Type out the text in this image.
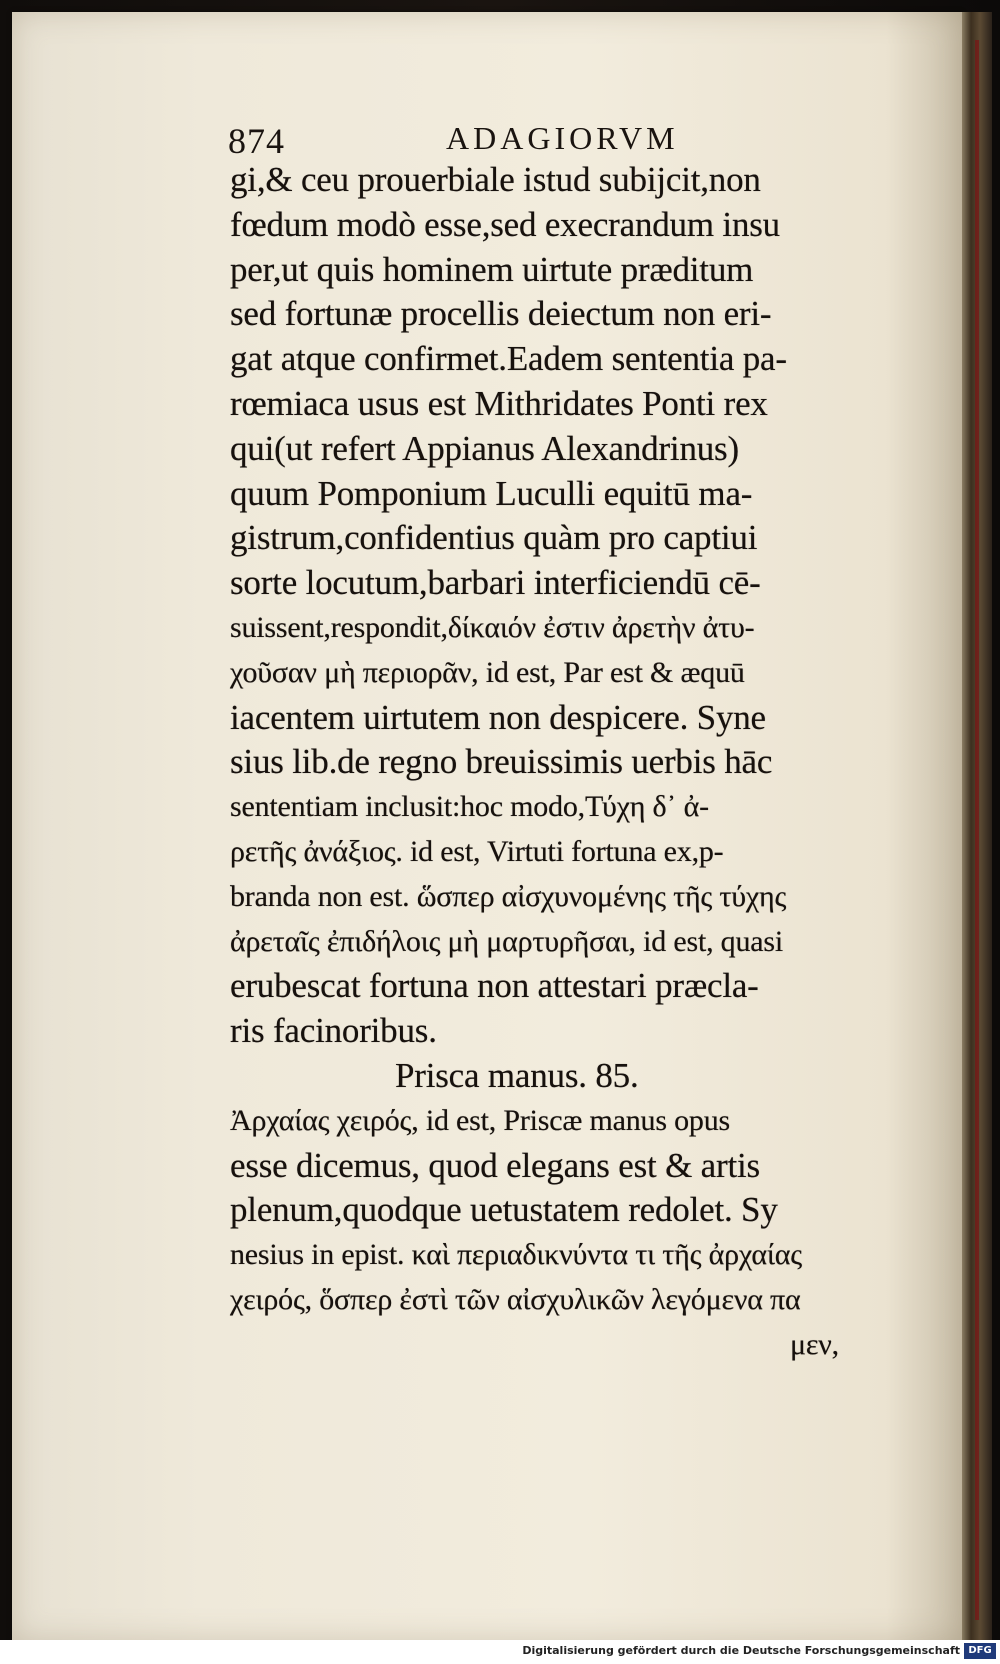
874	ADAGIORVM
gi,& ceu prouerbiale istud subijcit,non
fœdum modò esse,sed execrandum insu
per,ut quis hominem uirtute præditum
sed fortunæ procellis deiectum non eri-
gat atque confirmet.Eadem sententia pa-
rœmiaca usus est Mithridates Ponti rex
qui(ut refert Appianus Alexandrinus)
quum Pomponium Luculli equitū ma-
gistrum,confidentius quàm pro captiui
sorte locutum,barbari interficiendū cē-
suissent,respondit,δίκαιόν ἐστιν ἀρετὴν ἀτυ-
χοῦσαν μὴ περιορᾶν, id est, Par est & æquū
iacentem uirtutem non despicere. Syne
sius lib.de regno breuissimis uerbis hāc
sententiam inclusit:hoc modo,Τύχη δ᾽ ἀ-
ρετῆς ἀνάξιος. id est, Virtuti fortuna ex,p-
branda non est. ὥσπερ αἰσχυνομένης τῆς τύχης
ἀρεταῖς ἐπιδήλοις μὴ μαρτυρῆσαι, id est, quasi
erubescat fortuna non attestari præcla-
ris facinoribus.
Prisca manus. 85.
Ἀρχαίας χειρός, id est, Priscæ manus opus
esse dicemus, quod elegans est & artis
plenum,quodque uetustatem redolet. Sy
nesius in epist. καὶ περιαδικνύντα τι τῆς ἀρχαίας
χειρός, ὅσπερ ἐστὶ τῶν αἰσχυλικῶν λεγόμενα πα
μεν,
Digitalisierung gefördert durch die Deutsche Forschungsgemeinschaft DFG
